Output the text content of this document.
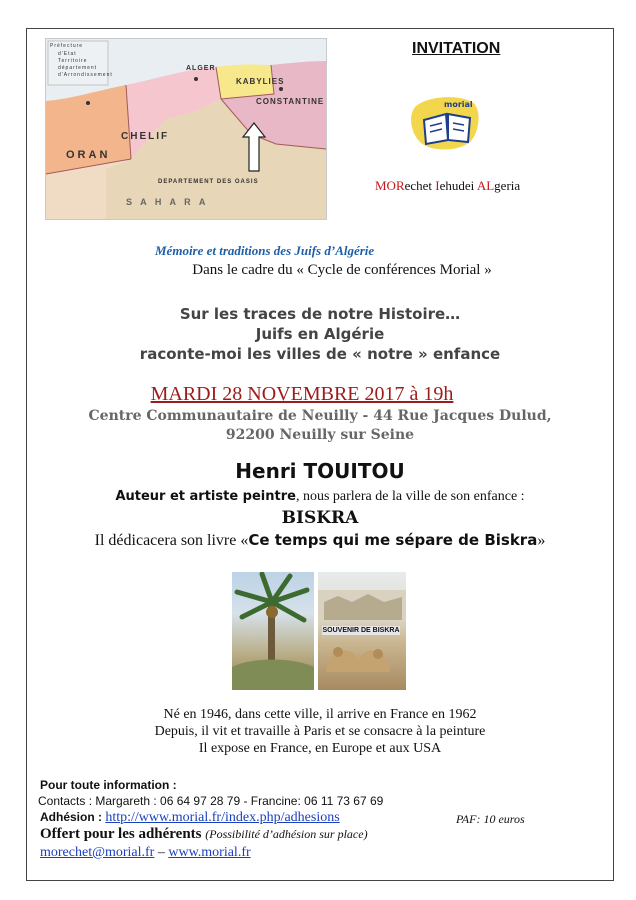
Préfecture
d'Etat
Territoire
département
d'Arrondissement
ALGER
KABYLIES
CONSTANTINE
ORAN
CHELIF
DEPARTEMENT DES OASIS
S A H A R A
INVITATION
morial
MORechet Iehudei ALgeria
Mémoire et traditions des Juifs d’Algérie
Dans le cadre du « Cycle de conférences Morial »
Sur les traces de notre Histoire…
Juifs en Algérie
raconte-moi les villes de « notre » enfance
MARDI 28 NOVEMBRE 2017 à 19h
Centre Communautaire de Neuilly - 44 Rue Jacques Dulud,
92200 Neuilly sur Seine
Henri TOUITOU
Auteur et artiste peintre, nous parlera de la ville de son enfance :
BISKRA
Il dédicacera son livre «Ce temps qui me sépare de Biskra»
SOUVENIR DE BISKRA
Né en 1946, dans cette ville, il arrive en France en 1962
Depuis, il vit et travaille à Paris et se consacre à la peinture
Il expose en France, en Europe et aux USA
Pour toute information :
Contacts : Margareth : 06 64 97 28 79 - Francine: 06 11 73 67 69
Adhésion : http://www.morial.fr/index.php/adhesions	PAF: 10 euros
Offert pour les adhérents (Possibilité d’adhésion sur place)
morechet@morial.fr – www.morial.fr
